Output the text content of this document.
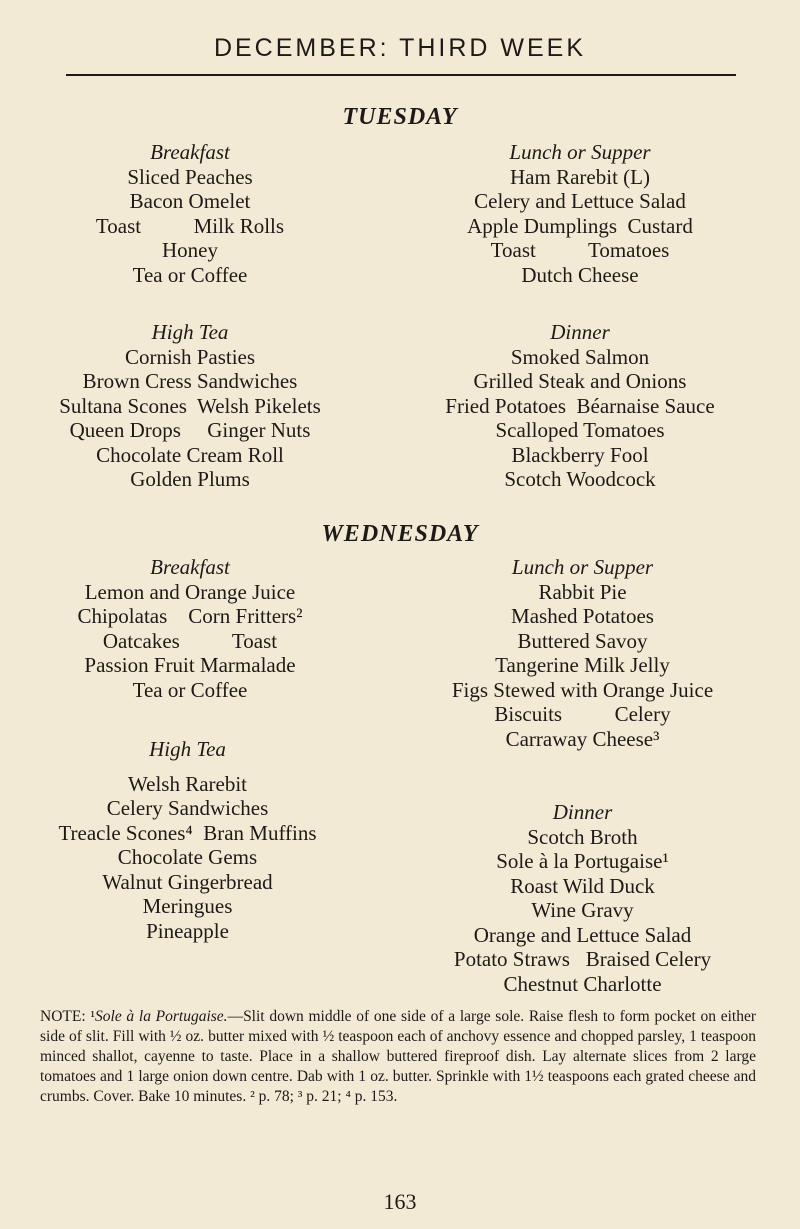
DECEMBER: THIRD WEEK
TUESDAY
Breakfast
Sliced Peaches
Bacon Omelet
Toast          Milk Rolls
Honey
Tea or Coffee
Lunch or Supper
Ham Rarebit (L)
Celery and Lettuce Salad
Apple Dumplings  Custard
Toast          Tomatoes
Dutch Cheese
High Tea
Cornish Pasties
Brown Cress Sandwiches
Sultana Scones  Welsh Pikelets
Queen Drops     Ginger Nuts
Chocolate Cream Roll
Golden Plums
Dinner
Smoked Salmon
Grilled Steak and Onions
Fried Potatoes  Béarnaise Sauce
Scalloped Tomatoes
Blackberry Fool
Scotch Woodcock
WEDNESDAY
Breakfast
Lemon and Orange Juice
Chipolatas    Corn Fritters²
Oatcakes          Toast
Passion Fruit Marmalade
Tea or Coffee
High Tea
Welsh Rarebit
Celery Sandwiches
Treacle Scones⁴  Bran Muffins
Chocolate Gems
Walnut Gingerbread
Meringues
Pineapple
Lunch or Supper
Rabbit Pie
Mashed Potatoes
Buttered Savoy
Tangerine Milk Jelly
Figs Stewed with Orange Juice
Biscuits          Celery
Carraway Cheese³
Dinner
Scotch Broth
Sole à la Portugaise¹
Roast Wild Duck
Wine Gravy
Orange and Lettuce Salad
Potato Straws   Braised Celery
Chestnut Charlotte
NOTE: ¹Sole à la Portugaise.—Slit down middle of one side of a large sole. Raise flesh to form pocket on either side of slit. Fill with ½ oz. butter mixed with ½ teaspoon each of anchovy essence and chopped parsley, 1 teaspoon minced shallot, cayenne to taste. Place in a shallow buttered fireproof dish. Lay alternate slices from 2 large tomatoes and 1 large onion down centre. Dab with 1 oz. butter. Sprinkle with 1½ teaspoons each grated cheese and crumbs. Cover. Bake 10 minutes. ² p. 78; ³ p. 21; ⁴ p. 153.
163
